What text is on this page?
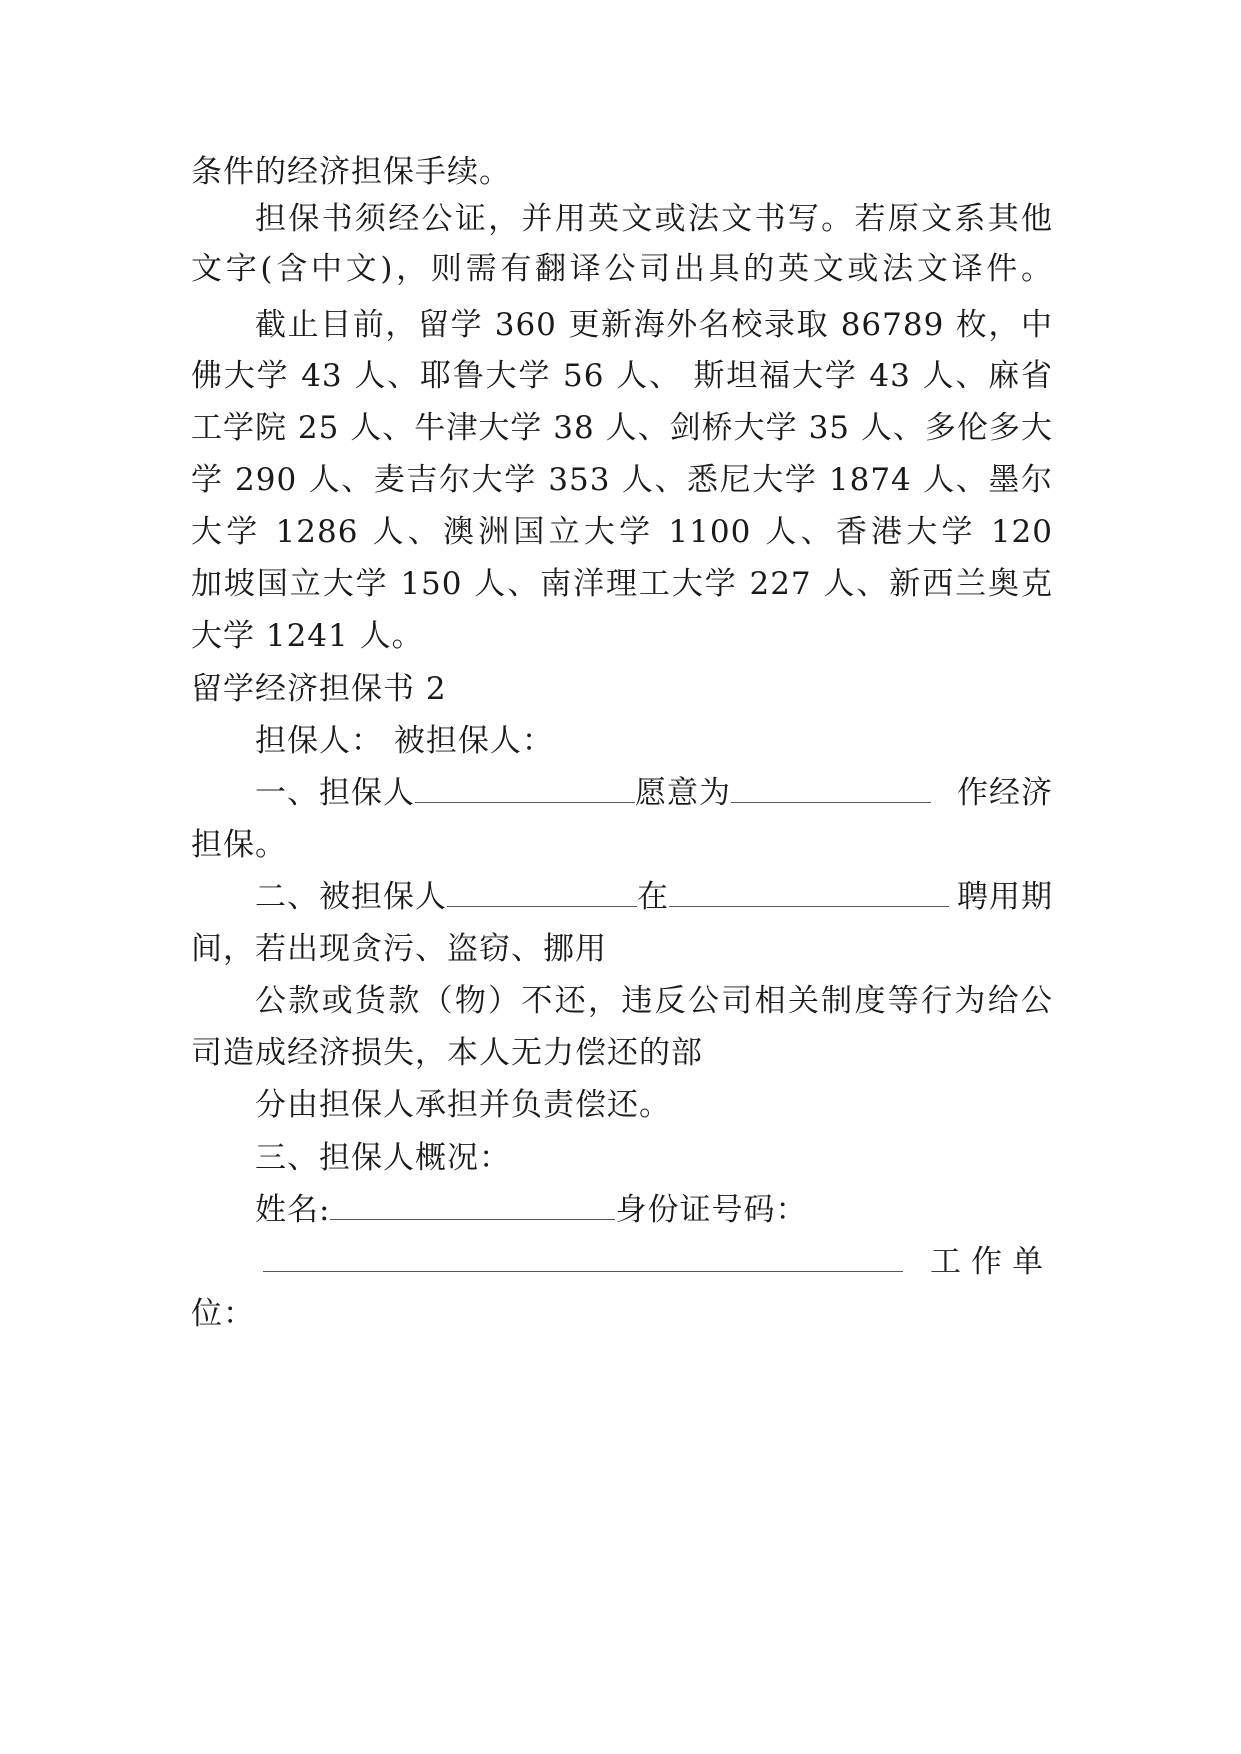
条件的经济担保手续。
担保书须经公证，并用英文或法文书写。若原文系其他
文字(含中文)，则需有翻译公司出具的英文或法文译件。
截止目前，留学 360 更新海外名校录取 86789 枚，中
佛大学 43 人、耶鲁大学 56 人、 斯坦福大学 43 人、麻省
工学院 25 人、牛津大学 38 人、剑桥大学 35 人、多伦多大
学 290 人、麦吉尔大学 353 人、悉尼大学 1874 人、墨尔
大学 1286 人、澳洲国立大学 1100 人、香港大学 120
加坡国立大学 150 人、南洋理工大学 227 人、新西兰奥克
大学 1241 人。
留学经济担保书 2
担保人： 被担保人：
一、担保人	愿意为	作经济
担保。
二、被担保人	在	聘用期
间，若出现贪污、盗窃、挪用
公款或货款（物）不还，违反公司相关制度等行为给公
司造成经济损失，本人无力偿还的部
分由担保人承担并负责偿还。
三、担保人概况：
姓名:	身份证号码：
工作单
位：
